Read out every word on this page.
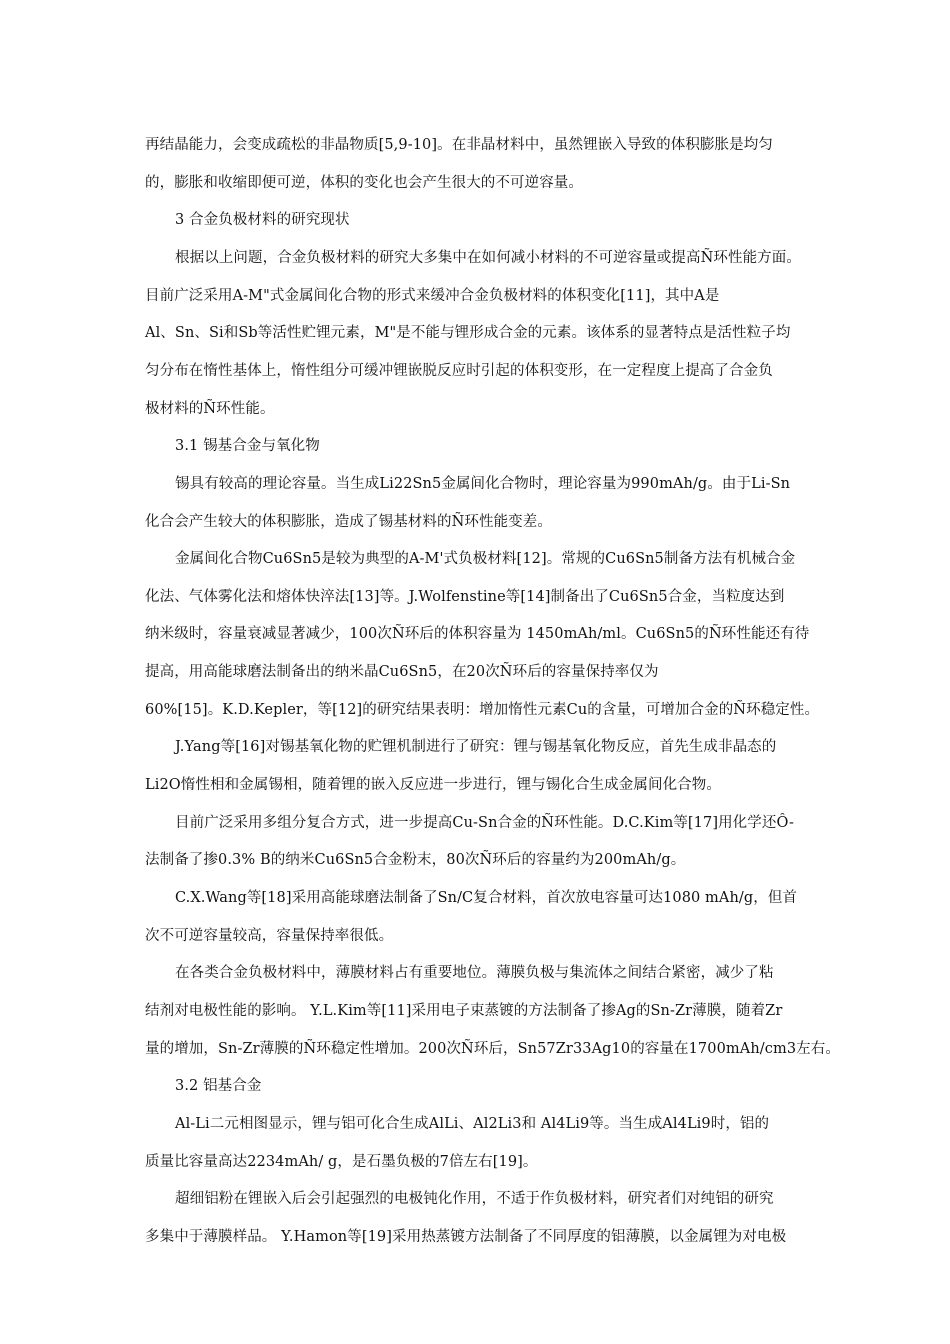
再结晶能力，会变成疏松的非晶物质[5,9-10]。在非晶材料中，虽然锂嵌入导致的体积膨胀是均匀
的，膨胀和收缩即便可逆，体积的变化也会产生很大的不可逆容量。
3 合金负极材料的研究现状
根据以上问题，合金负极材料的研究大多集中在如何减小材料的不可逆容量或提高Ñ环性能方面。
目前广泛采用A-M"式金属间化合物的形式来缓冲合金负极材料的体积变化[11]，其中A是
Al、Sn、Si和Sb等活性贮锂元素，M"是不能与锂形成合金的元素。该体系的显著特点是活性粒子均
匀分布在惰性基体上，惰性组分可缓冲锂嵌脱反应时引起的体积变形，在一定程度上提高了合金负
极材料的Ñ环性能。
3.1 锡基合金与氧化物
锡具有较高的理论容量。当生成Li22Sn5金属间化合物时，理论容量为990mAh/g。由于Li-Sn
化合会产生较大的体积膨胀，造成了锡基材料的Ñ环性能变差。
金属间化合物Cu6Sn5是较为典型的A-M'式负极材料[12]。常规的Cu6Sn5制备方法有机械合金
化法、气体雾化法和熔体快淬法[13]等。J.Wolfenstine等[14]制备出了Cu6Sn5合金，当粒度达到
纳米级时，容量衰减显著减少，100次Ñ环后的体积容量为 1450mAh/ml。Cu6Sn5的Ñ环性能还有待
提高，用高能球磨法制备出的纳米晶Cu6Sn5，在20次Ñ环后的容量保持率仅为
60%[15]。K.D.Kepler，等[12]的研究结果表明：增加惰性元素Cu的含量，可增加合金的Ñ环稳定性。
J.Yang等[16]对锡基氧化物的贮锂机制进行了研究：锂与锡基氧化物反应，首先生成非晶态的
Li2O惰性相和金属锡相，随着锂的嵌入反应进一步进行，锂与锡化合生成金属间化合物。
目前广泛采用多组分复合方式，进一步提高Cu-Sn合金的Ñ环性能。D.C.Kim等[17]用化学还Ô-
法制备了掺0.3% B的纳米Cu6Sn5合金粉末，80次Ñ环后的容量约为200mAh/g。
C.X.Wang等[18]采用高能球磨法制备了Sn/C复合材料，首次放电容量可达1080 mAh/g，但首
次不可逆容量较高，容量保持率很低。
在各类合金负极材料中，薄膜材料占有重要地位。薄膜负极与集流体之间结合紧密，减少了粘
结剂对电极性能的影响。 Y.L.Kim等[11]采用电子束蒸镀的方法制备了掺Ag的Sn-Zr薄膜，随着Zr
量的增加，Sn-Zr薄膜的Ñ环稳定性增加。200次Ñ环后，Sn57Zr33Ag10的容量在1700mAh/cm3左右。
3.2 铝基合金
Al-Li二元相图显示，锂与铝可化合生成AlLi、Al2Li3和 Al4Li9等。当生成Al4Li9时，铝的
质量比容量高达2234mAh/ g，是石墨负极的7倍左右[19]。
超细铝粉在锂嵌入后会引起强烈的电极钝化作用，不适于作负极材料，研究者们对纯铝的研究
多集中于薄膜样品。 Y.Hamon等[19]采用热蒸镀方法制备了不同厚度的铝薄膜，以金属锂为对电极
